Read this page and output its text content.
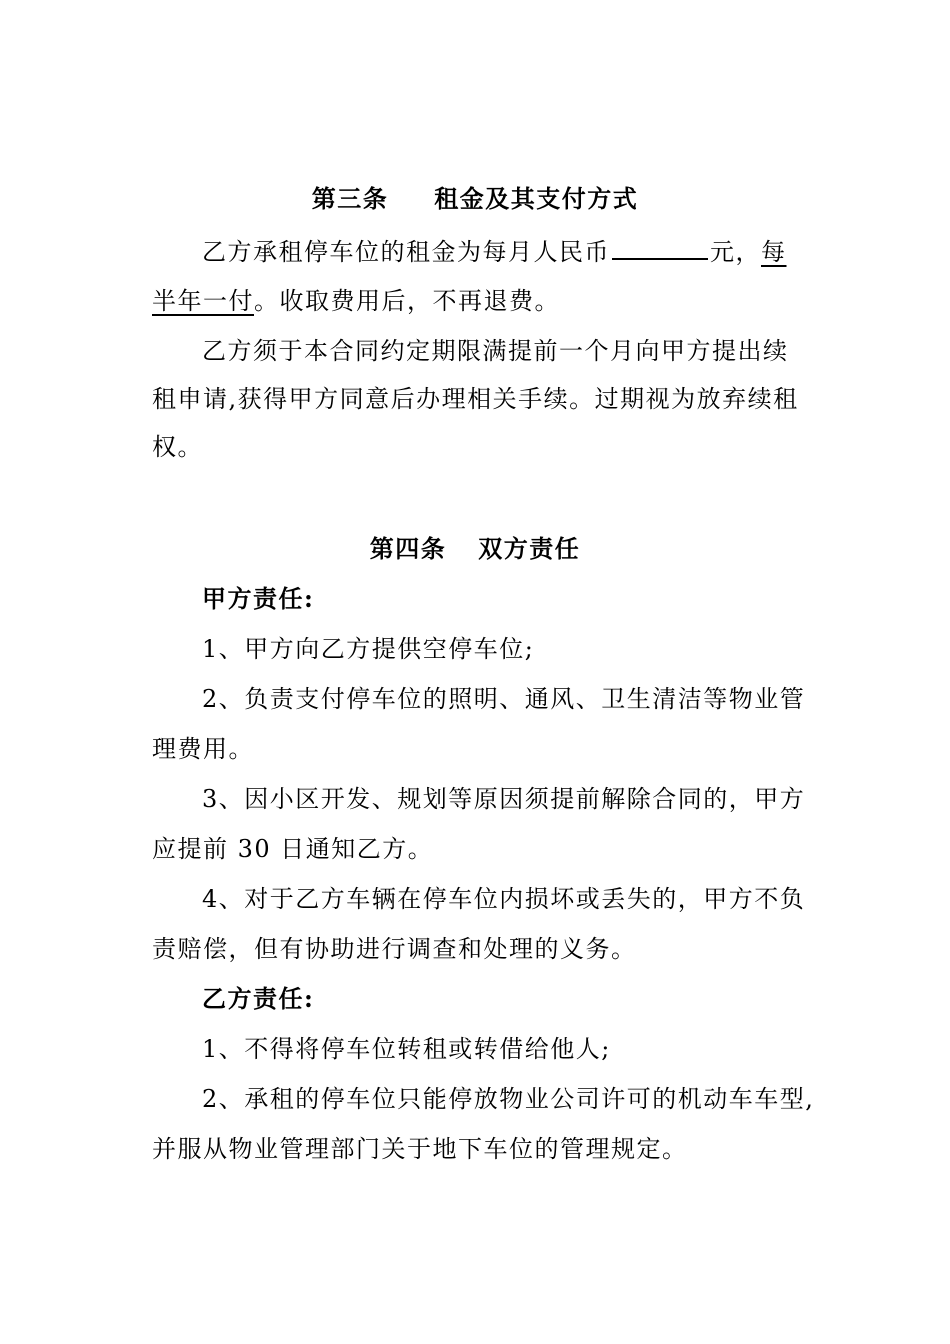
第三条 租金及其支付方式
乙方承租停车位的租金为每月人民币	元，每
半年一付。收取费用后，不再退费。
乙方须于本合同约定期限满提前一个月向甲方提出续
租申请,获得甲方同意后办理相关手续。过期视为放弃续租
权。
第四条 双方责任
甲方责任:
1、甲方向乙方提供空停车位;
2、负责支付停车位的照明、通风、卫生清洁等物业管
理费用。
3、因小区开发、规划等原因须提前解除合同的，甲方
应提前 30 日通知乙方。
4、对于乙方车辆在停车位内损坏或丢失的，甲方不负
责赔偿，但有协助进行调查和处理的义务。
乙方责任:
1、不得将停车位转租或转借给他人;
2、承租的停车位只能停放物业公司许可的机动车车型,
并服从物业管理部门关于地下车位的管理规定。
